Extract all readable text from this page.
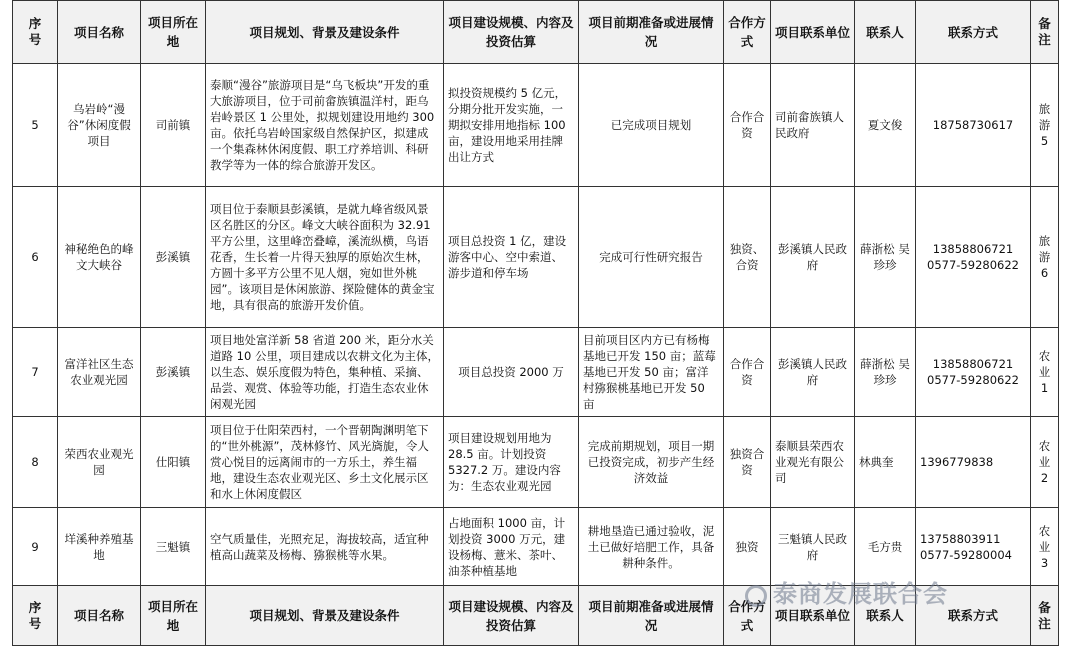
序号	项目名称	项目所在地	项目规划、背景及建设条件	项目建设规模、内容及投资估算	项目前期准备或进展情况	合作方式	项目联系单位	联系人	联系方式	备注

5	乌岩岭“漫谷”休闲度假项目	司前镇	泰顺“漫谷”旅游项目是“乌飞板块”开发的重大旅游项目，位于司前畲族镇温洋村，距乌岩岭景区 1 公里处，拟规划建设用地约 300 亩。依托乌岩岭国家级自然保护区，拟建成一个集森林休闲度假、职工疗养培训、科研教学等为一体的综合旅游开发区。	拟投资规模约 5 亿元，分期分批开发实施，一期拟安排用地指标 100 亩，建设用地采用挂牌出让方式	已完成项目规划	合作合资	司前畲族镇人民政府	夏文俊	18758730617	旅游5

6	神秘绝色的峰文大峡谷	彭溪镇	项目位于泰顺县彭溪镇，是就九峰省级风景区名胜区的分区。峰文大峡谷面积为 32.91 平方公里，这里峰峦叠嶂，溪流纵横，鸟语花香，生长着一片得天独厚的原始次生林，方圆十多平方公里不见人烟，宛如世外桃园”。该项目是休闲旅游、探险健体的黄金宝地，具有很高的旅游开发价值。	项目总投资 1 亿，建设游客中心、空中索道、游步道和停车场	完成可行性研究报告	独资、合资	彭溪镇人民政府	薛浙松 吴珍珍	13858806721 0577-59280622	旅游6

7	富洋社区生态农业观光园	彭溪镇	项目地处富洋新 58 省道 200 米，距分水关道路 10 公里，项目建成以农耕文化为主体，以生态、娱乐度假为特色，集种植、采摘、品尝、观赏、体验等功能，打造生态农业休闲观光园	项目总投资 2000 万	目前项目区内方已有杨梅基地已开发 150 亩；蓝莓基地已开发 50 亩；富洋村猕猴桃基地已开发 50 亩	合作合资	彭溪镇人民政府	薛浙松 吴珍珍	13858806721 0577-59280622	农业1

8	荣西农业观光园	仕阳镇	项目位于仕阳荣西村，一个晋朝陶渊明笔下的“世外桃源”，茂林修竹、风光旖旎，令人赏心悦目的远离闹市的一方乐土，养生福地，建设生态农业观光区、乡土文化展示区和水上休闲度假区	项目建设规划用地为 28.5 亩。计划投资 5327.2 万。建设内容为：生态农业观光园	完成前期规划，项目一期已投资完成，初步产生经济效益	独资合资	泰顺县荣西农业观光有限公司	林典奎	1396779838	农业2

9	垟溪种养殖基地	三魁镇	空气质量佳，光照充足，海拔较高，适宜种植高山蔬菜及杨梅、猕猴桃等水果。	占地面积 1000 亩，计划投资 3000 万元，建设杨梅、薏米、茶叶、油茶种植基地	耕地垦造已通过验收，泥土已做好培肥工作，具备耕种条件。	独资	三魁镇人民政府	毛方贵	13758803911 0577-59280004	农业3

序号	项目名称	项目所在地	项目规划、背景及建设条件	项目建设规模、内容及投资估算	项目前期准备或进展情况	合作方式	项目联系单位	联系人	联系方式	备注
泰商发展联合会
